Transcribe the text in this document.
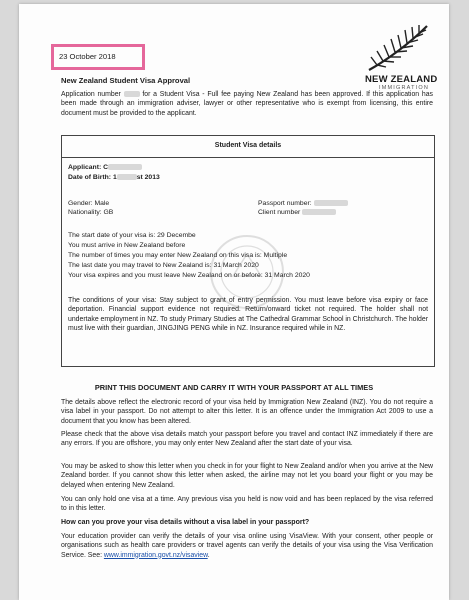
23 October 2018
NEW ZEALAND
IMMIGRATION
New Zealand Student Visa Approval
Application number	for a Student Visa - Full fee paying New Zealand has been approved. If this application has been made through an immigration adviser, lawyer or other representative who is exempt from licensing, this entire document must be provided to the applicant.
Student Visa details
Applicant: C
Date of Birth: 1	st 2013
Gender: Male
Nationality: GB
Passport number:
Client number
The start date of your visa is: 29 Decembe
You must arrive in New Zealand before
The number of times you may enter New Zealand on this visa is: Multiple
The last date you may travel to New Zealand is: 31 March 2020
Your visa expires and you must leave New Zealand on or before: 31 March 2020
The conditions of your visa: Stay subject to grant of entry permission. You must leave before visa expiry or face deportation. Financial support evidence not required. Return/onward ticket not required. The holder shall not undertake employment in NZ. To study Primary Studies at The Cathedral Grammar School in Christchurch. The holder must live with their guardian, JINGJING PENG while in NZ. Insurance required while in NZ.
PRINT THIS DOCUMENT AND CARRY IT WITH YOUR PASSPORT AT ALL TIMES
The details above reflect the electronic record of your visa held by Immigration New Zealand (INZ). You do not require a visa label in your passport. Do not attempt to alter this letter. It is an offence under the Immigration Act 2009 to use a document that you know has been altered.
Please check that the above visa details match your passport before you travel and contact INZ immediately if there are any errors. If you are offshore, you may only enter New Zealand after the start date of your visa.
You may be asked to show this letter when you check in for your flight to New Zealand and/or when you arrive at the New Zealand border. If you cannot show this letter when asked, the airline may not let you board your flight or you may be delayed when entering New Zealand.
You can only hold one visa at a time. Any previous visa you held is now void and has been replaced by the visa referred to in this letter.
How can you prove your visa details without a visa label in your passport?
Your education provider can verify the details of your visa online using VisaView. With your consent, other people or organisations such as health care providers or travel agents can verify the details of your visa using the Visa Verification Service. See: www.immigration.govt.nz/visaview.
